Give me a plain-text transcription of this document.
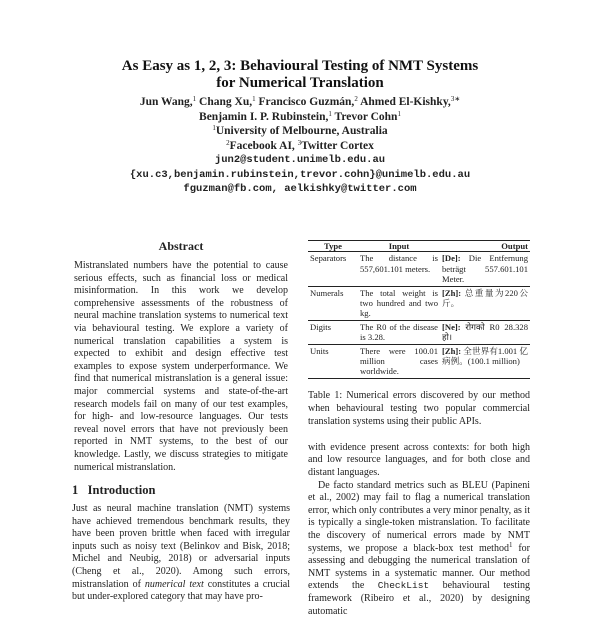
As Easy as 1, 2, 3: Behavioural Testing of NMT Systems
for Numerical Translation
Jun Wang,$^1$ Chang Xu,$^1$ Francisco Guzmán,$^2$ Ahmed El-Kishky,$^{3∗}$
Benjamin I. P. Rubinstein,$^1$ Trevor Cohn$^1$
$^1$University of Melbourne, Australia
$^2$Facebook AI, $^3$Twitter Cortex
jun2@student.unimelb.edu.au
{xu.c3,benjamin.rubinstein,trevor.cohn}@unimelb.edu.au
fguzman@fb.com, aelkishky@twitter.com
Abstract
Mistranslated numbers have the potential to cause serious effects, such as financial loss or medical misinformation. In this work we develop comprehensive assessments of the robustness of neural machine translation systems to numerical text via behavioural testing. We explore a variety of numerical translation capabilities a system is expected to exhibit and design effective test examples to expose system underperformance. We find that numerical mistranslation is a general issue: major commercial systems and state-of-the-art research models fail on many of our test examples, for high- and low-resource languages. Our tests reveal novel errors that have not previously been reported in NMT systems, to the best of our knowledge. Lastly, we discuss strategies to mitigate numerical mistranslation.
1 Introduction
Just as neural machine translation (NMT) systems have achieved tremendous benchmark results, they have been proven brittle when faced with irregular inputs such as noisy text (Belinkov and Bisk, 2018; Michel and Neubig, 2018) or adversarial inputs (Cheng et al., 2020). Among such errors, mistranslation of numerical text constitutes a crucial but under-explored category that may have pro-
Type	Input	Output
Separators	The distance is 557,601.101 meters.	[De]: Die Entfernung beträgt 557.601.101 Meter.
Numerals	The total weight is two hundred and two kg.	[Zh]: 总重量为220公斤。
Digits	The R0 of the disease is 3.28.	[Ne]: रोगको R0 28.328 हो।
Units	There were 100.01 million cases worldwide.	[Zh]: 全世界有1.001 亿病例。(100.1 million)
Table 1: Numerical errors discovered by our method when behavioural testing two popular commercial translation systems using their public APIs.
with evidence present across contexts: for both high and low resource languages, and for both close and distant languages.
De facto standard metrics such as BLEU (Papineni et al., 2002) may fail to flag a numerical translation error, which only contributes a very minor penalty, as it is typically a single-token mistranslation. To facilitate the discovery of numerical errors made by NMT systems, we propose a black-box test method$^1$ for assessing and debugging the numerical translation of NMT systems in a systematic manner. Our method extends the CheckList behavioural testing framework (Ribeiro et al., 2020) by designing automatic
